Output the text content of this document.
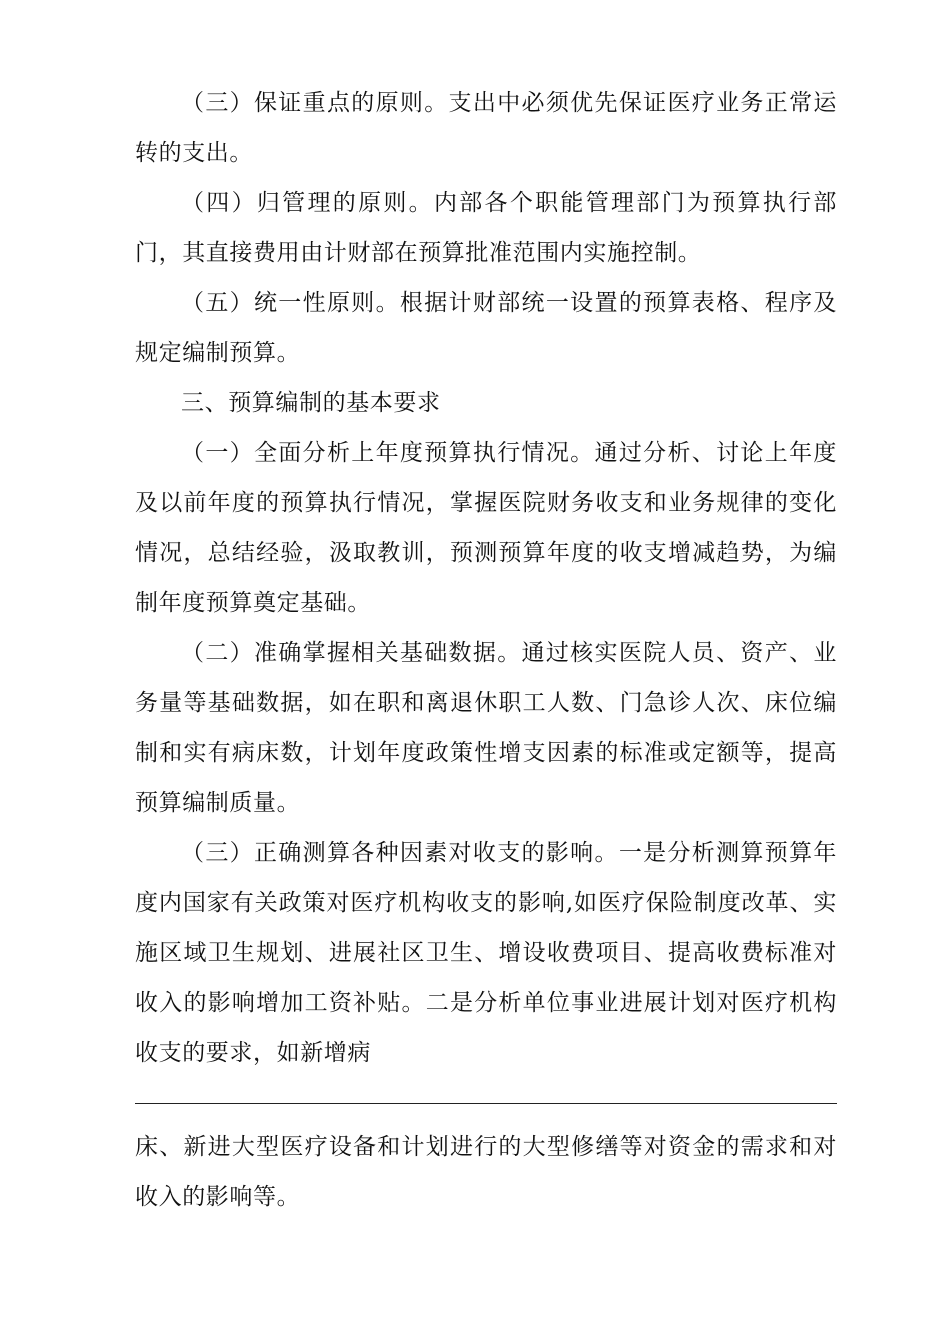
（三）保证重点的原则。支出中必须优先保证医疗业务正常运转的支出。

（四）归管理的原则。内部各个职能管理部门为预算执行部门，其直接费用由计财部在预算批准范围内实施控制。

（五）统一性原则。根据计财部统一设置的预算表格、程序及规定编制预算。

三、预算编制的基本要求

（一）全面分析上年度预算执行情况。通过分析、讨论上年度及以前年度的预算执行情况，掌握医院财务收支和业务规律的变化情况，总结经验，汲取教训，预测预算年度的收支增减趋势，为编制年度预算奠定基础。

（二）准确掌握相关基础数据。通过核实医院人员、资产、业务量等基础数据，如在职和离退休职工人数、门急诊人次、床位编制和实有病床数，计划年度政策性增支因素的标准或定额等，提高预算编制质量。

（三）正确测算各种因素对收支的影响。一是分析测算预算年度内国家有关政策对医疗机构收支的影响,如医疗保险制度改革、实施区域卫生规划、进展社区卫生、增设收费项目、提高收费标准对收入的影响增加工资补贴。二是分析单位事业进展计划对医疗机构收支的要求，如新增病

床、新进大型医疗设备和计划进行的大型修缮等对资金的需求和对收入的影响等。
